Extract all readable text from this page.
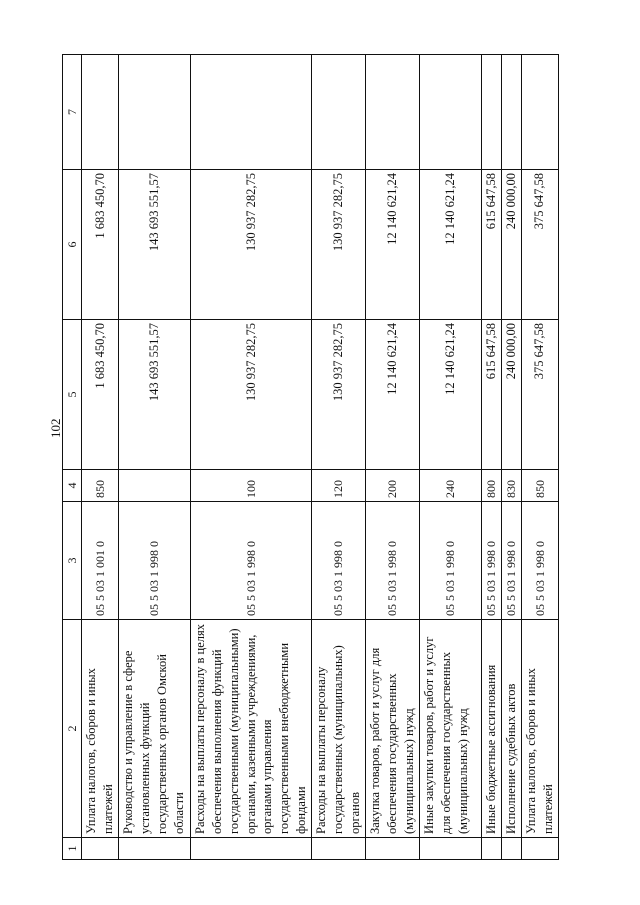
102
1	2	3	4	5	6	7
	Уплата налогов, сборов и иных платежей	05 5 03 1 001 0	850	1 683 450,70	1 683 450,70	
	Руководство и управление в сфере установленных функций государственных органов Омской области	05 5 03 1 998 0		143 693 551,57	143 693 551,57	
	Расходы на выплаты персоналу в целях обеспечения выполнения функций государственными (муниципальными) органами, казенными учреждениями, органами управления государственными внебюджетными фондами	05 5 03 1 998 0	100	130 937 282,75	130 937 282,75	
	Расходы на выплаты персоналу государственных (муниципальных) органов	05 5 03 1 998 0	120	130 937 282,75	130 937 282,75	
	Закупка товаров, работ и услуг для обеспечения государственных (муниципальных) нужд	05 5 03 1 998 0	200	12 140 621,24	12 140 621,24	
	Иные закупки товаров, работ и услуг для обеспечения государственных (муниципальных) нужд	05 5 03 1 998 0	240	12 140 621,24	12 140 621,24	
	Иные бюджетные ассигнования	05 5 03 1 998 0	800	615 647,58	615 647,58	
	Исполнение судебных актов	05 5 03 1 998 0	830	240 000,00	240 000,00	
	Уплата налогов, сборов и иных платежей	05 5 03 1 998 0	850	375 647,58	375 647,58	
